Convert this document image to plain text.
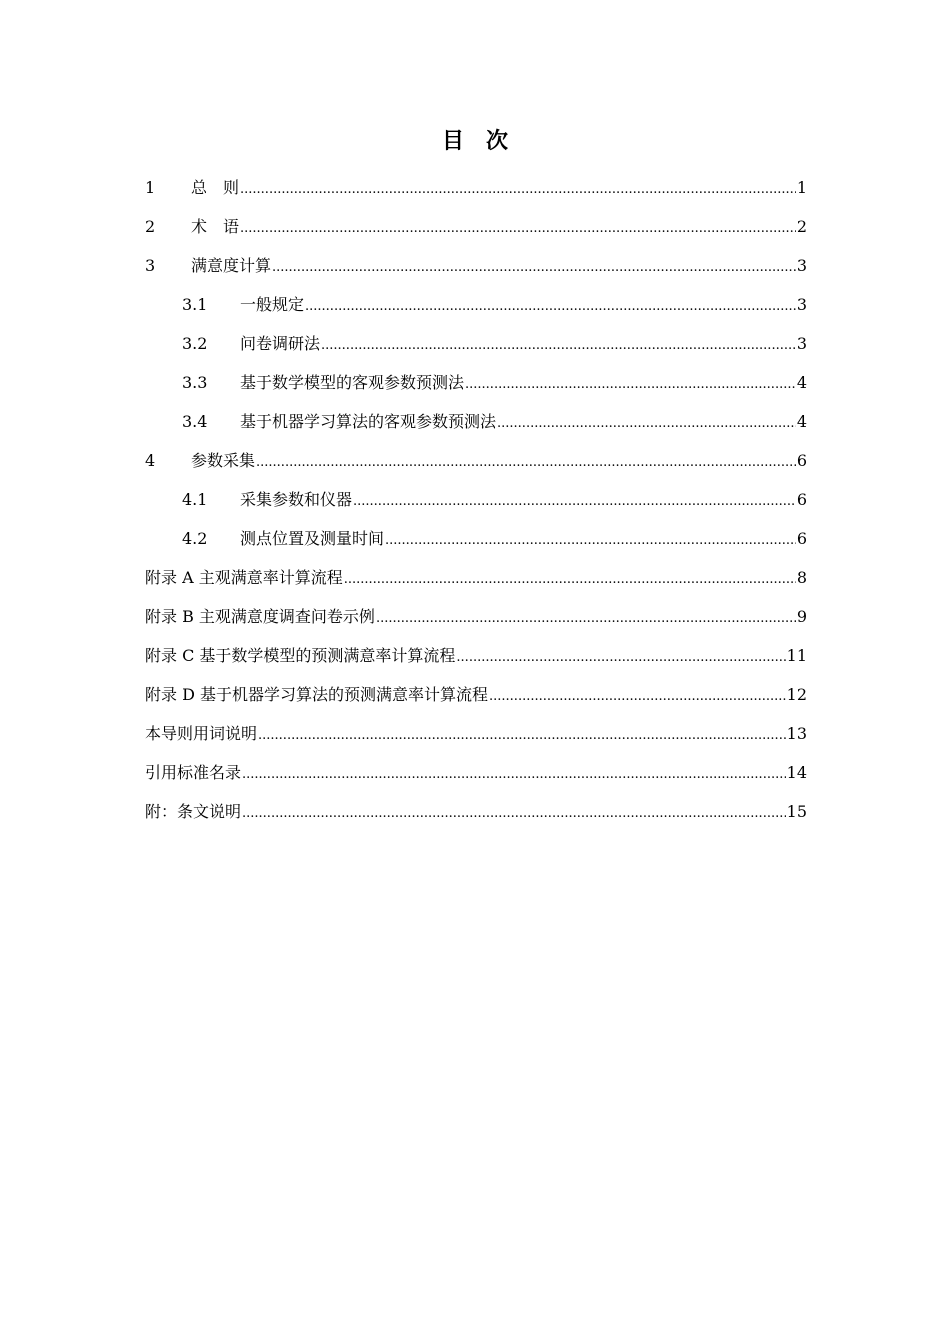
目　次
1	总　则 .....	1
2	术　语 .....	2
3	满意度计算 .....	3
3.1	一般规定 .....	3
3.2	问卷调研法 .....	3
3.3	基于数学模型的客观参数预测法 .....	4
3.4	基于机器学习算法的客观参数预测法 .....	4
4	参数采集 .....	6
4.1	采集参数和仪器 .....	6
4.2	测点位置及测量时间 .....	6
附录 A 主观满意率计算流程 .....	8
附录 B 主观满意度调查问卷示例 .....	9
附录 C 基于数学模型的预测满意率计算流程 .....	11
附录 D 基于机器学习算法的预测满意率计算流程 .....	12
本导则用词说明 .....	13
引用标准名录 .....	14
附：条文说明 .....	15
